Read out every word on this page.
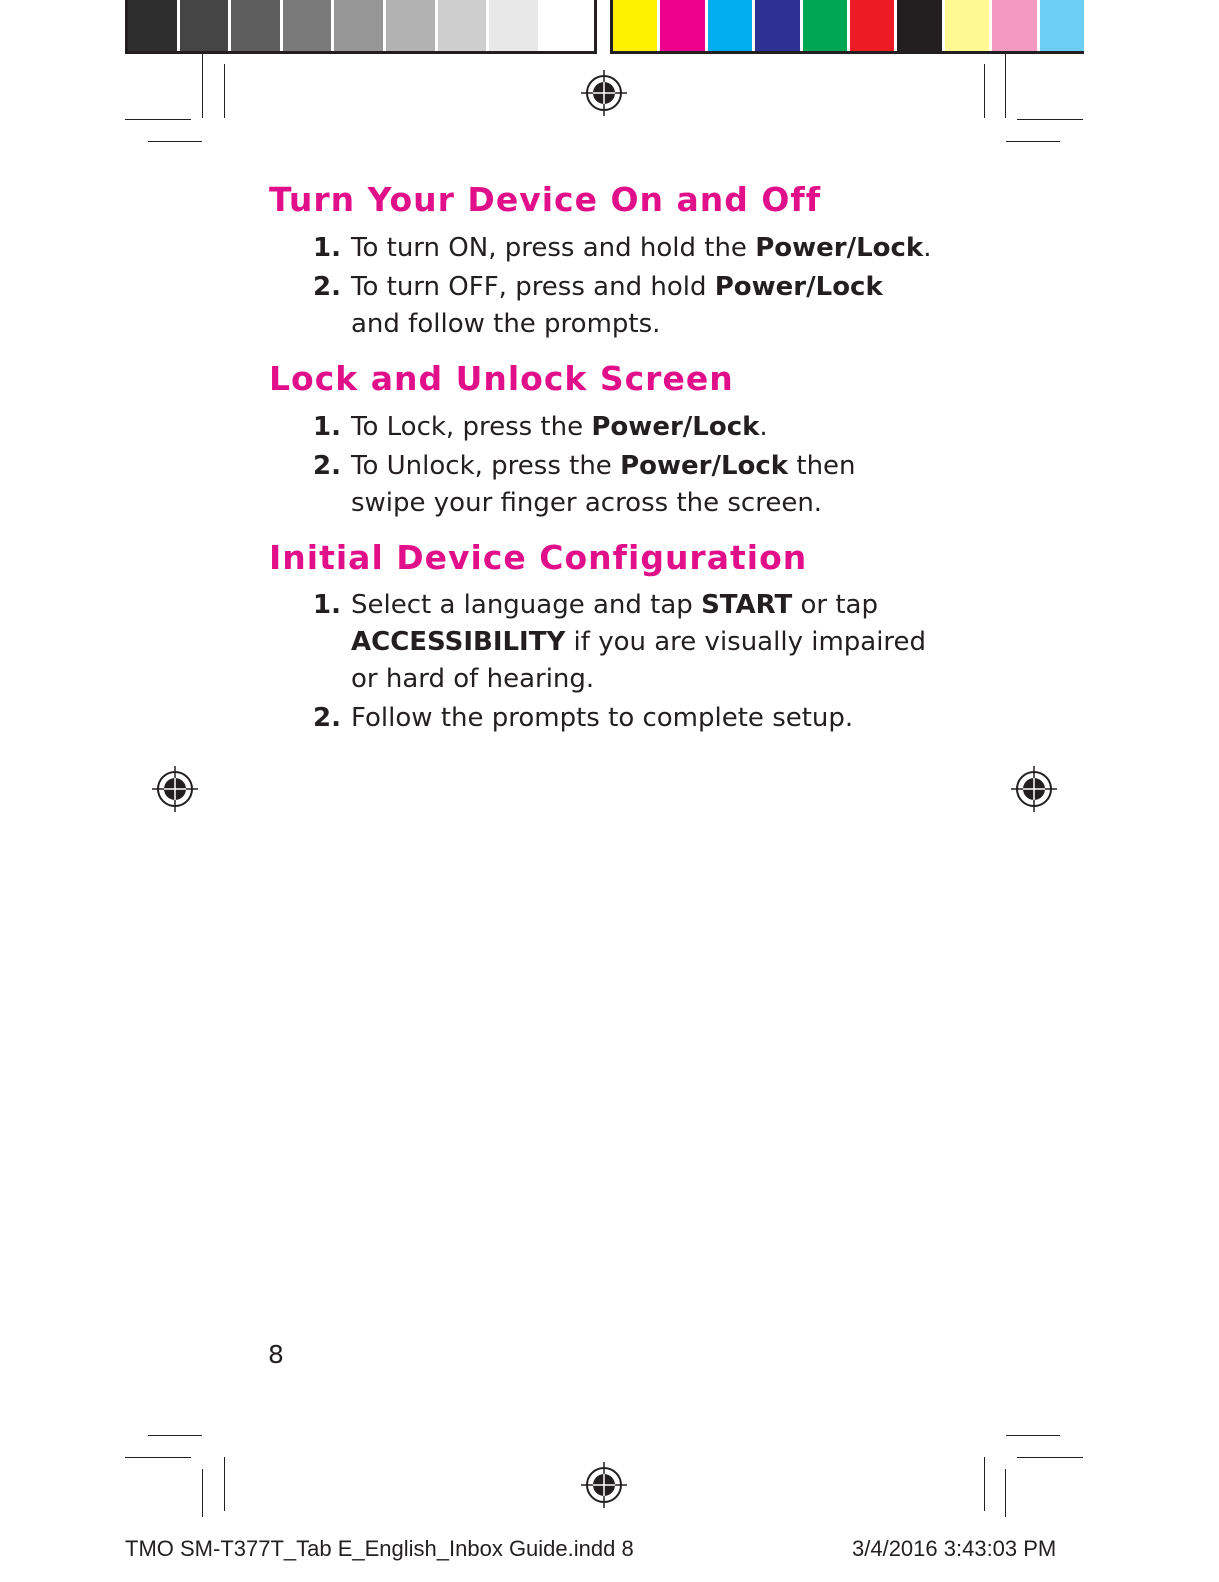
Turn Your Device On and Off
1. To turn ON, press and hold the Power/Lock.
2. To turn OFF, press and hold Power/Lock
and follow the prompts.
Lock and Unlock Screen
1. To Lock, press the Power/Lock.
2. To Unlock, press the Power/Lock then
swipe your finger across the screen.
Initial Device Configuration
1. Select a language and tap START or tap
ACCESSIBILITY if you are visually impaired
or hard of hearing.
2. Follow the prompts to complete setup.
8
TMO SM-T377T_Tab E_English_Inbox Guide.indd 8	3/4/2016 3:43:03 PM
